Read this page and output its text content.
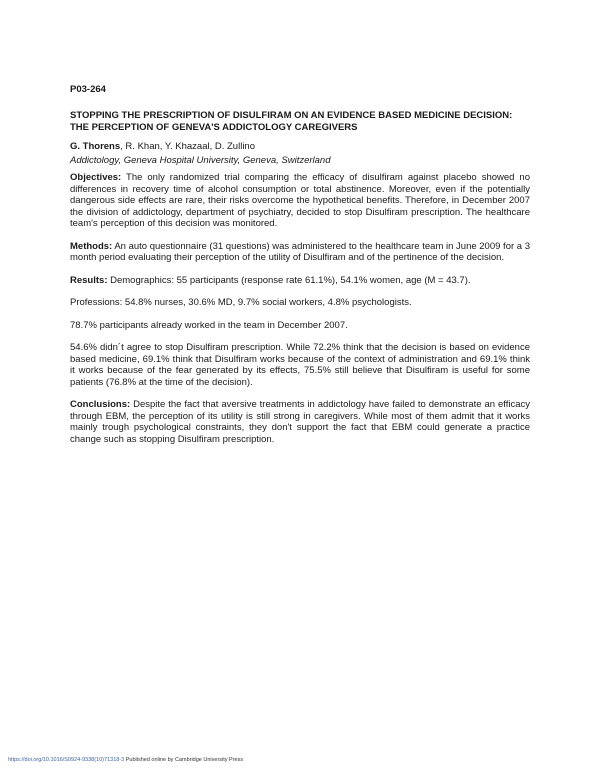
P03-264
STOPPING THE PRESCRIPTION OF DISULFIRAM ON AN EVIDENCE BASED MEDICINE DECISION: THE PERCEPTION OF GENEVA'S ADDICTOLOGY CAREGIVERS
G. Thorens, R. Khan, Y. Khazaal, D. Zullino
Addictology, Geneva Hospital University, Geneva, Switzerland

Objectives: The only randomized trial comparing the efficacy of disulfiram against placebo showed no differences in recovery time of alcohol consumption or total abstinence. Moreover, even if the potentially dangerous side effects are rare, their risks overcome the hypothetical benefits. Therefore, in December 2007 the division of addictology, department of psychiatry, decided to stop Disulfiram prescription. The healthcare team's perception of this decision was monitored.

Methods: An auto questionnaire (31 questions) was administered to the healthcare team in June 2009 for a 3 month period evaluating their perception of the utility of Disulfiram and of the pertinence of the decision.

Results: Demographics: 55 participants (response rate 61.1%), 54.1% women, age (M = 43.7).

Professions: 54.8% nurses, 30.6% MD, 9.7% social workers, 4.8% psychologists.

78.7% participants already worked in the team in December 2007.

54.6% didn´t agree to stop Disulfiram prescription. While 72.2% think that the decision is based on evidence based medicine, 69.1% think that Disulfiram works because of the context of administration and 69.1% think it works because of the fear generated by its effects, 75.5% still believe that Disulfiram is useful for some patients (76.8% at the time of the decision).

Conclusions: Despite the fact that aversive treatments in addictology have failed to demonstrate an efficacy through EBM, the perception of its utility is still strong in caregivers. While most of them admit that it works mainly trough psychological constraints, they don't support the fact that EBM could generate a practice change such as stopping Disulfiram prescription.

https://doi.org/10.1016/S0924-9338(10)71318-3 Published online by Cambridge University Press
